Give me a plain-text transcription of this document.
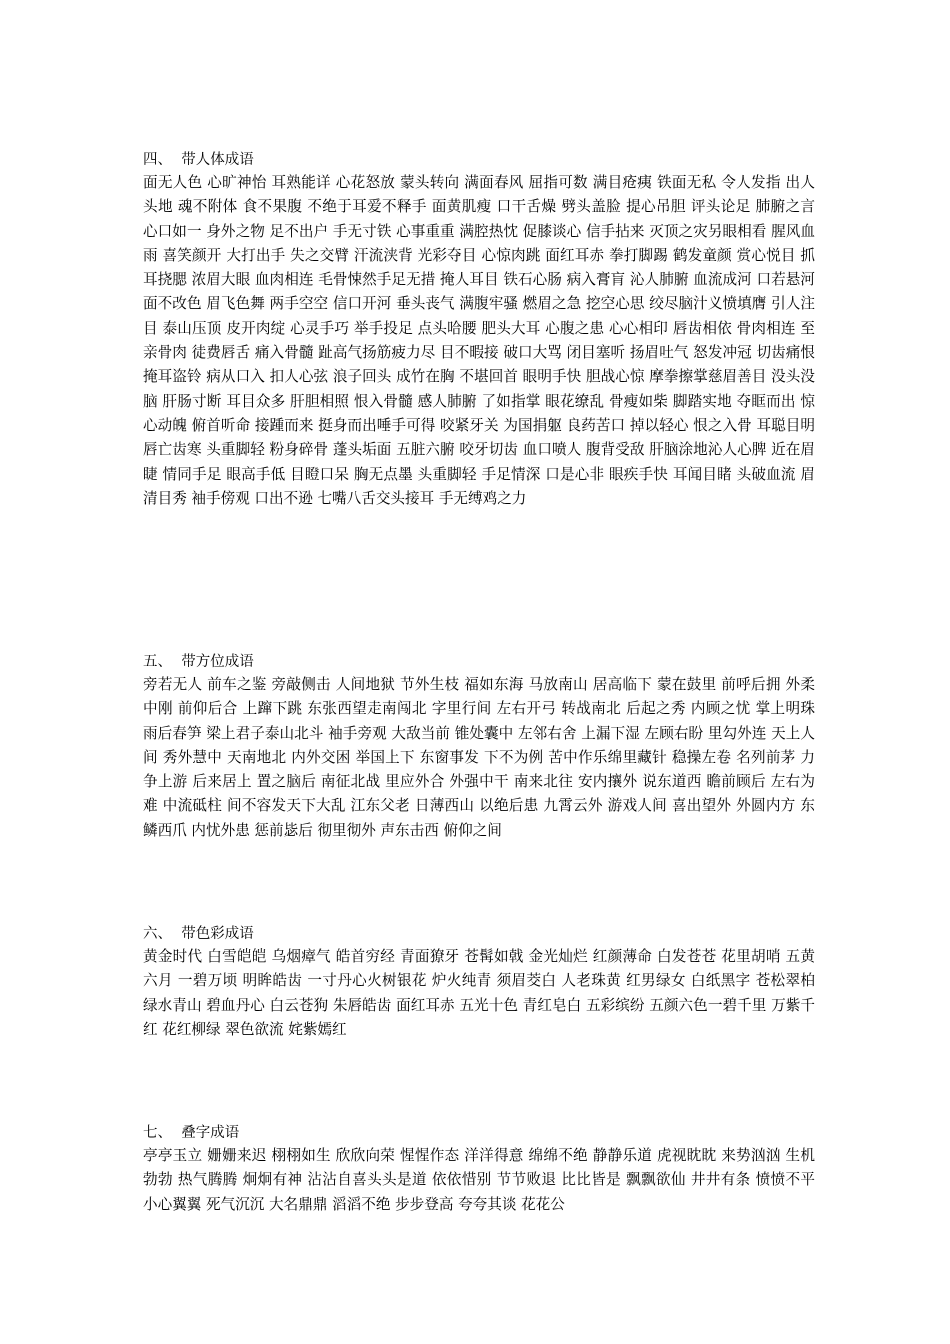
四、  带人体成语

面无人色 心旷神怡 耳熟能详 心花怒放 蒙头转向 满面春风 屈指可数 满目疮痍 铁面无私 令人发指 出人头地 魂不附体 食不果腹 不绝于耳爱不释手 面黄肌瘦 口干舌燥 劈头盖脸 提心吊胆 评头论足 肺腑之言 心口如一 身外之物 足不出户 手无寸铁 心事重重 满腔热忱 促膝谈心 信手拈来 灭顶之灾另眼相看 腥风血雨 喜笑颜开 大打出手 失之交臂 汗流浃背 光彩夺目 心惊肉跳 面红耳赤 拳打脚踢 鹤发童颜 赏心悦目 抓耳挠腮 浓眉大眼 血肉相连 毛骨悚然手足无措 掩人耳目 铁石心肠 病入膏肓 沁人肺腑 血流成河 口若悬河 面不改色 眉飞色舞 两手空空 信口开河 垂头丧气 满腹牢骚 燃眉之急 挖空心思 绞尽脑汁义愤填膺 引人注目 泰山压顶 皮开肉绽 心灵手巧 举手投足 点头哈腰 肥头大耳 心腹之患 心心相印 唇齿相依 骨肉相连 至亲骨肉 徒费唇舌 痛入骨髓 趾高气扬筋疲力尽 目不暇接 破口大骂 闭目塞听 扬眉吐气 怒发冲冠 切齿痛恨 掩耳盗铃 病从口入 扣人心弦 浪子回头 成竹在胸 不堪回首 眼明手快 胆战心惊 摩拳擦掌慈眉善目 没头没脑 肝肠寸断 耳目众多 肝胆相照 恨入骨髓 感人肺腑 了如指掌 眼花缭乱 骨瘦如柴 脚踏实地 夺眶而出 惊心动魄 俯首听命 接踵而来 挺身而出唾手可得 咬紧牙关 为国捐躯 良药苦口 掉以轻心 恨之入骨 耳聪目明 唇亡齿寒 头重脚轻 粉身碎骨 蓬头垢面 五脏六腑 咬牙切齿 血口喷人 腹背受敌 肝脑涂地沁人心脾 近在眉睫 情同手足 眼高手低 目瞪口呆 胸无点墨 头重脚轻 手足情深 口是心非 眼疾手快 耳闻目睹 头破血流 眉清目秀 袖手傍观 口出不逊 七嘴八舌交头接耳 手无缚鸡之力

五、  带方位成语

旁若无人 前车之鉴 旁敲侧击 人间地狱 节外生枝 福如东海 马放南山 居高临下 蒙在鼓里 前呼后拥 外柔中刚 前仰后合 上蹿下跳 东张西望走南闯北 字里行间 左右开弓 转战南北 后起之秀 内顾之忧 掌上明珠 雨后春笋 梁上君子泰山北斗 袖手旁观 大敌当前 锥处囊中 左邻右舍 上漏下湿 左顾右盼 里勾外连 天上人间 秀外慧中 天南地北 内外交困 举国上下 东窗事发 下不为例 苦中作乐绵里藏针 稳操左卷 名列前茅 力争上游 后来居上 置之脑后 南征北战 里应外合 外强中干 南来北往 安内攘外 说东道西 瞻前顾后 左右为难 中流砥柱 间不容发天下大乱 江东父老 日薄西山 以绝后患 九霄云外 游戏人间 喜出望外 外圆内方 东鳞西爪 内忧外患 惩前毖后 彻里彻外 声东击西 俯仰之间

六、  带色彩成语

黄金时代 白雪皑皑 乌烟瘴气 皓首穷经 青面獠牙 苍髯如戟 金光灿烂 红颜薄命 白发苍苍 花里胡哨 五黄六月 一碧万顷 明眸皓齿 一寸丹心火树银花 炉火纯青 须眉茭白 人老珠黄 红男绿女 白纸黑字 苍松翠柏 绿水青山 碧血丹心 白云苍狗 朱唇皓齿 面红耳赤 五光十色 青红皂白 五彩缤纷 五颜六色一碧千里 万紫千红 花红柳绿 翠色欲流 姹紫嫣红

七、  叠字成语

亭亭玉立 姗姗来迟 栩栩如生 欣欣向荣 惺惺作态 洋洋得意 绵绵不绝 静静乐道 虎视眈眈 来势汹汹 生机勃勃 热气腾腾 炯炯有神 沾沾自喜头头是道 依依惜别 节节败退 比比皆是 飘飘欲仙 井井有条 愤愤不平 小心翼翼 死气沉沉 大名鼎鼎 滔滔不绝 步步登高 夸夸其谈 花花公
